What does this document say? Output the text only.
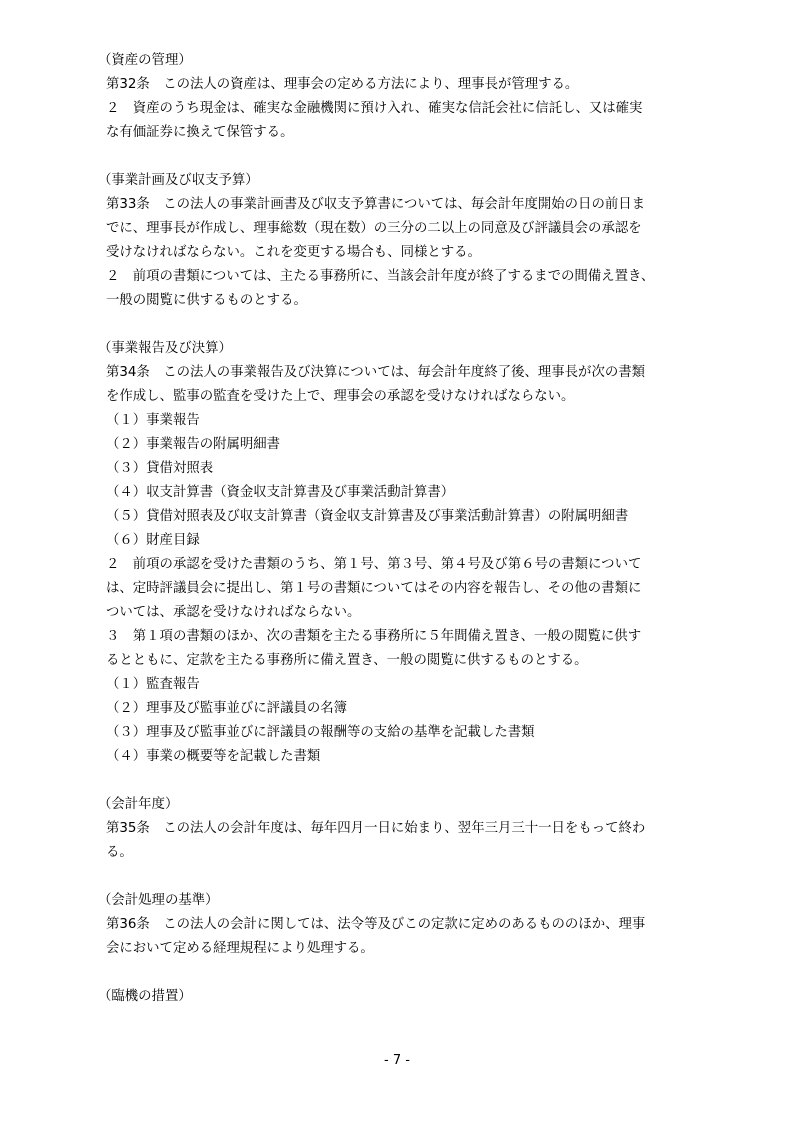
（資産の管理）
第32条　この法人の資産は、理事会の定める方法により、理事長が管理する。
２　資産のうち現金は、確実な金融機関に預け入れ、確実な信託会社に信託し、又は確実
な有価証券に換えて保管する。
（事業計画及び収支予算）
第33条　この法人の事業計画書及び収支予算書については、毎会計年度開始の日の前日ま
でに、理事長が作成し、理事総数（現在数）の三分の二以上の同意及び評議員会の承認を
受けなければならない。これを変更する場合も、同様とする。
２　前項の書類については、主たる事務所に、当該会計年度が終了するまでの間備え置き、
一般の閲覧に供するものとする。
（事業報告及び決算）
第34条　この法人の事業報告及び決算については、毎会計年度終了後、理事長が次の書類
を作成し、監事の監査を受けた上で、理事会の承認を受けなければならない。
（１）事業報告
（２）事業報告の附属明細書
（３）貸借対照表
（４）収支計算書（資金収支計算書及び事業活動計算書）
（５）貸借対照表及び収支計算書（資金収支計算書及び事業活動計算書）の附属明細書
（６）財産目録
２　前項の承認を受けた書類のうち、第１号、第３号、第４号及び第６号の書類について
は、定時評議員会に提出し、第１号の書類についてはその内容を報告し、その他の書類に
ついては、承認を受けなければならない。
３　第１項の書類のほか、次の書類を主たる事務所に５年間備え置き、一般の閲覧に供す
るとともに、定款を主たる事務所に備え置き、一般の閲覧に供するものとする。
（１）監査報告
（２）理事及び監事並びに評議員の名簿
（３）理事及び監事並びに評議員の報酬等の支給の基準を記載した書類
（４）事業の概要等を記載した書類
（会計年度）
第35条　この法人の会計年度は、毎年四月一日に始まり、翌年三月三十一日をもって終わ
る。
（会計処理の基準）
第36条　この法人の会計に関しては、法令等及びこの定款に定めのあるもののほか、理事
会において定める経理規程により処理する。
（臨機の措置）
- 7 -
